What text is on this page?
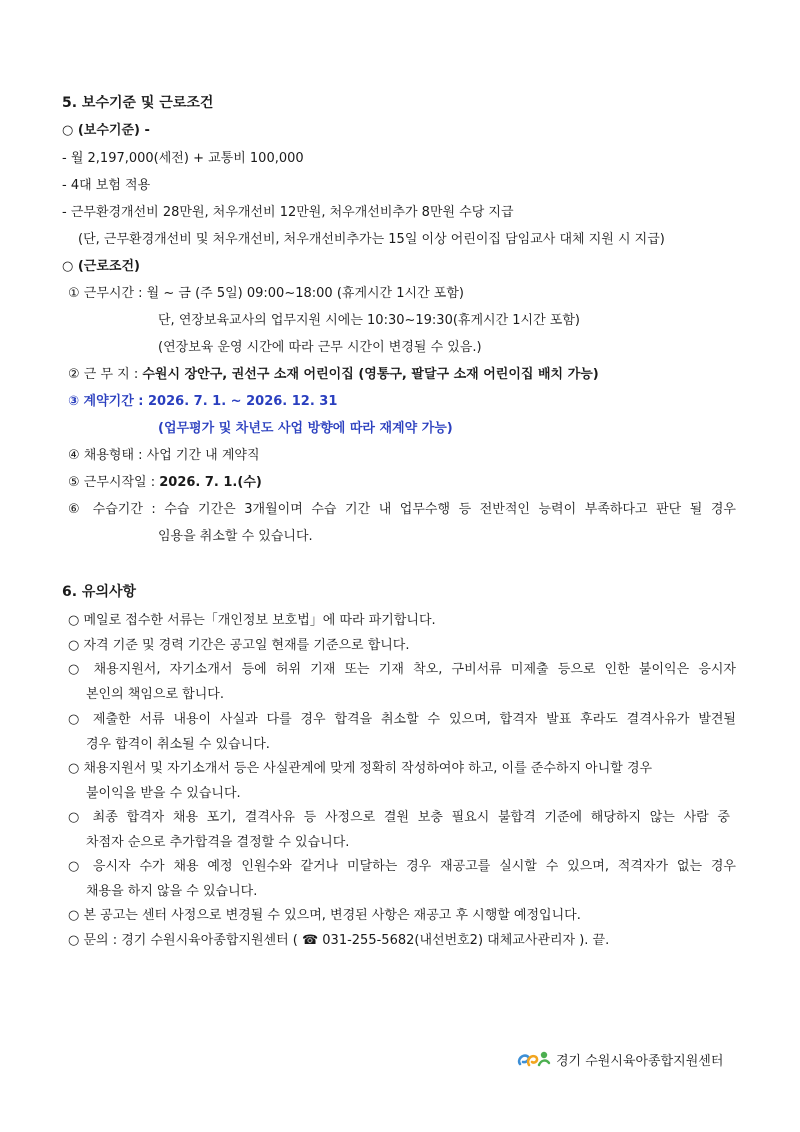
5. 보수기준 및 근로조건
○ (보수기준) -
- 월 2,197,000(세전) + 교통비 100,000
- 4대 보험 적용
- 근무환경개선비 28만원, 처우개선비 12만원, 처우개선비추가 8만원 수당 지급
(단, 근무환경개선비 및 처우개선비, 처우개선비추가는 15일 이상 어린이집 담임교사 대체 지원 시 지급)
○ (근로조건)
① 근무시간 : 월 ~ 금 (주 5일) 09:00~18:00 (휴게시간 1시간 포함)
단, 연장보육교사의 업무지원 시에는 10:30~19:30(휴게시간 1시간 포함)
(연장보육 운영 시간에 따라 근무 시간이 변경될 수 있음.)
② 근 무 지 : 수원시 장안구, 권선구 소재 어린이집 (영통구, 팔달구 소재 어린이집 배치 가능)
③ 계약기간 : 2026. 7. 1. ~ 2026. 12. 31
(업무평가 및 차년도 사업 방향에 따라 재계약 가능)
④ 채용형태 : 사업 기간 내 계약직
⑤ 근무시작일 : 2026. 7. 1.(수)
⑥ 수습기간 : 수습 기간은 3개월이며 수습 기간 내 업무수행 등 전반적인 능력이 부족하다고 판단 될 경우
임용을 취소할 수 있습니다.
6. 유의사항
○ 메일로 접수한 서류는「개인정보 보호법」에 따라 파기합니다.
○ 자격 기준 및 경력 기간은 공고일 현재를 기준으로 합니다.
○ 채용지원서, 자기소개서 등에 허위 기재 또는 기재 착오, 구비서류 미제출 등으로 인한 불이익은 응시자
본인의 책임으로 합니다.
○ 제출한 서류 내용이 사실과 다를 경우 합격을 취소할 수 있으며, 합격자 발표 후라도 결격사유가 발견될
경우 합격이 취소될 수 있습니다.
○ 채용지원서 및 자기소개서 등은 사실관계에 맞게 정확히 작성하여야 하고, 이를 준수하지 아니할 경우
불이익을 받을 수 있습니다.
○ 최종 합격자 채용 포기, 결격사유 등 사정으로 결원 보충 필요시 불합격 기준에 해당하지 않는 사람 중
차점자 순으로 추가합격을 결정할 수 있습니다.
○ 응시자 수가 채용 예정 인원수와 같거나 미달하는 경우 재공고를 실시할 수 있으며, 적격자가 없는 경우
채용을 하지 않을 수 있습니다.
○ 본 공고는 센터 사정으로 변경될 수 있으며, 변경된 사항은 재공고 후 시행할 예정입니다.
○ 문의 : 경기 수원시육아종합지원센터 ( ☎ 031-255-5682(내선번호2) 대체교사관리자 ). 끝.
경기 수원시육아종합지원센터
